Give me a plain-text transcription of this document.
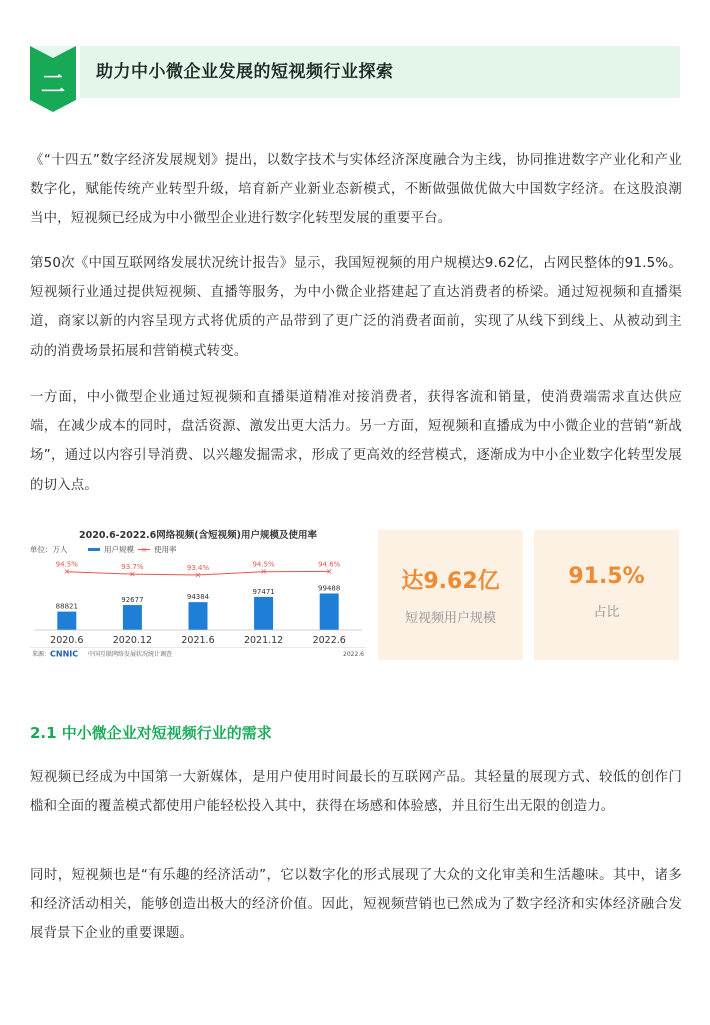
二 助力中小微企业发展的短视频行业探索

《“十四五”数字经济发展规划》提出，以数字技术与实体经济深度融合为主线，协同推进数字产业化和产业数字化，赋能传统产业转型升级，培育新产业新业态新模式，不断做强做优做大中国数字经济。在这股浪潮当中，短视频已经成为中小微型企业进行数字化转型发展的重要平台。

第50次《中国互联网络发展状况统计报告》显示，我国短视频的用户规模达9.62亿，占网民整体的91.5%。短视频行业通过提供短视频、直播等服务，为中小微企业搭建起了直达消费者的桥梁。通过短视频和直播渠道，商家以新的内容呈现方式将优质的产品带到了更广泛的消费者面前，实现了从线下到线上、从被动到主动的消费场景拓展和营销模式转变。

一方面，中小微型企业通过短视频和直播渠道精准对接消费者，获得客流和销量，使消费端需求直达供应端，在减少成本的同时，盘活资源、激发出更大活力。另一方面，短视频和直播成为中小微企业的营销“新战场”，通过以内容引导消费、以兴趣发掘需求，形成了更高效的经营模式，逐渐成为中小企业数字化转型发展的切入点。

2020.6-2022.6网络视频(含短视频)用户规模及使用率
单位：万人	用户规模 × 使用率
88821
2020.6
92677
2020.12
94384
2021.6
97471
2021.12
99488
2022.6
×
94.5%
×
93.7%
×
93.4%	×
94.5%
×
94.6%
来源： CNNIC 中国互联网络发展状况统计调查	2022.6
达9.62亿
短视频用户规模
91.5%
占比
2.1 中小微企业对短视频行业的需求

短视频已经成为中国第一大新媒体，是用户使用时间最长的互联网产品。其轻量的展现方式、较低的创作门槛和全面的覆盖模式都使用户能轻松投入其中，获得在场感和体验感，并且衍生出无限的创造力。

同时，短视频也是“有乐趣的经济活动”，它以数字化的形式展现了大众的文化审美和生活趣味。其中，诸多和经济活动相关，能够创造出极大的经济价值。因此，短视频营销也已然成为了数字经济和实体经济融合发展背景下企业的重要课题。
